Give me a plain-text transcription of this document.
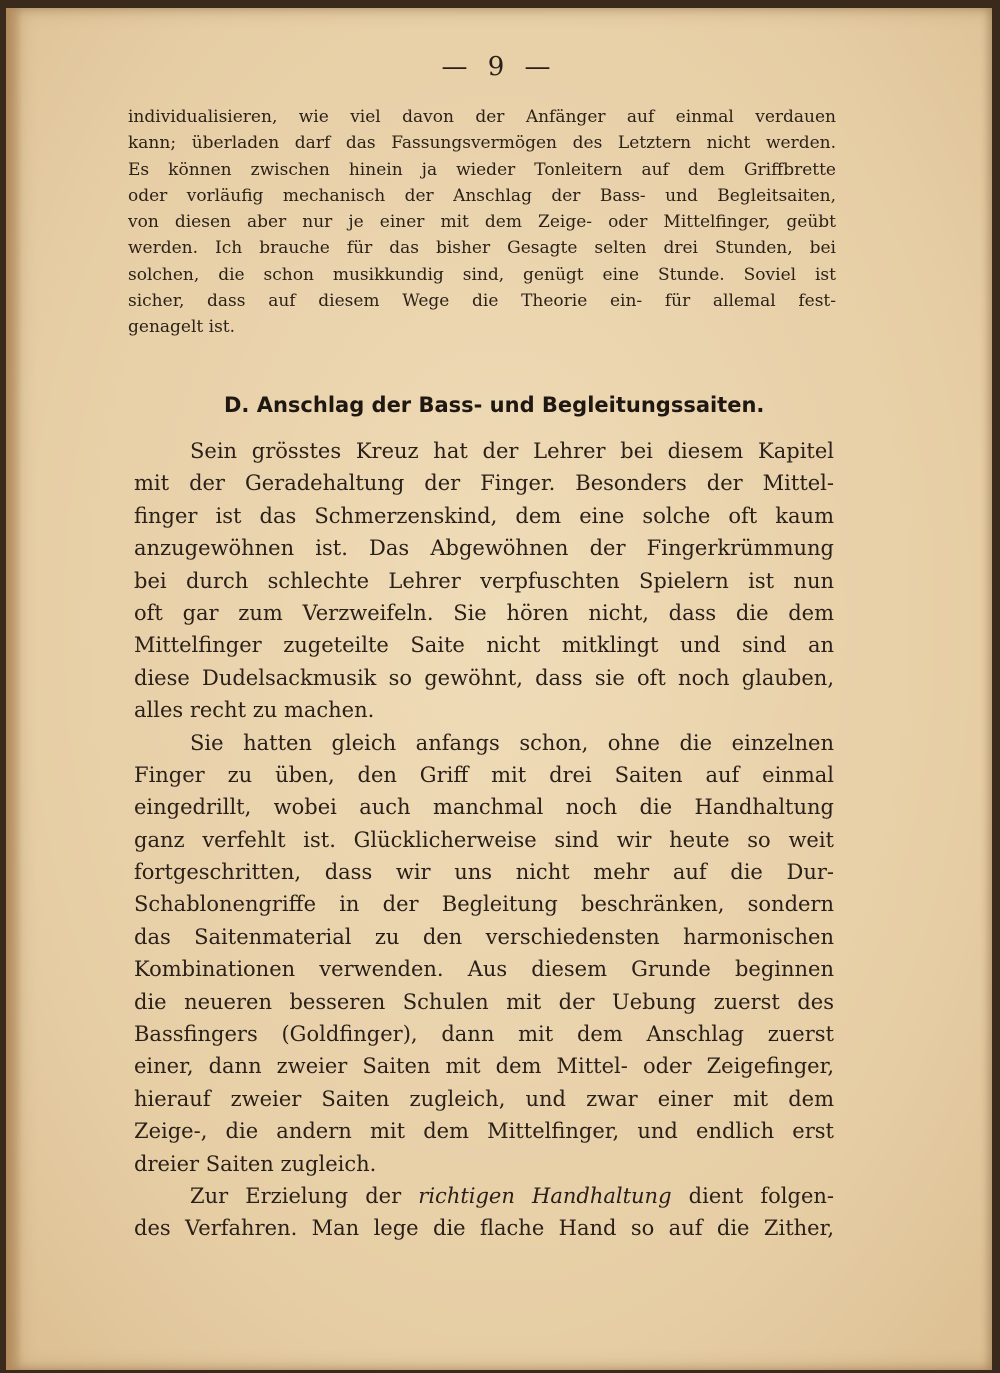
— 9 —
individualisieren, wie viel davon der Anfänger auf einmal verdauen
kann; überladen darf das Fassungsvermögen des Letztern nicht werden.
Es können zwischen hinein ja wieder Tonleitern auf dem Griffbrette
oder vorläufig mechanisch der Anschlag der Bass- und Begleitsaiten,
von diesen aber nur je einer mit dem Zeige- oder Mittelfinger, geübt
werden. Ich brauche für das bisher Gesagte selten drei Stunden, bei
solchen, die schon musikkundig sind, genügt eine Stunde. Soviel ist
sicher, dass auf diesem Wege die Theorie ein- für allemal fest-
genagelt ist.
D. Anschlag der Bass- und Begleitungssaiten.
Sein grösstes Kreuz hat der Lehrer bei diesem Kapitel
mit der Geradehaltung der Finger. Besonders der Mittel-
finger ist das Schmerzenskind, dem eine solche oft kaum
anzugewöhnen ist. Das Abgewöhnen der Fingerkrümmung
bei durch schlechte Lehrer verpfuschten Spielern ist nun
oft gar zum Verzweifeln. Sie hören nicht, dass die dem
Mittelfinger zugeteilte Saite nicht mitklingt und sind an
diese Dudelsackmusik so gewöhnt, dass sie oft noch glauben,
alles recht zu machen.
Sie hatten gleich anfangs schon, ohne die einzelnen
Finger zu üben, den Griff mit drei Saiten auf einmal
eingedrillt, wobei auch manchmal noch die Handhaltung
ganz verfehlt ist. Glücklicherweise sind wir heute so weit
fortgeschritten, dass wir uns nicht mehr auf die Dur-
Schablonengriffe in der Begleitung beschränken, sondern
das Saitenmaterial zu den verschiedensten harmonischen
Kombinationen verwenden. Aus diesem Grunde beginnen
die neueren besseren Schulen mit der Uebung zuerst des
Bassfingers (Goldfinger), dann mit dem Anschlag zuerst
einer, dann zweier Saiten mit dem Mittel- oder Zeigefinger,
hierauf zweier Saiten zugleich, und zwar einer mit dem
Zeige-, die andern mit dem Mittelfinger, und endlich erst
dreier Saiten zugleich.
Zur Erzielung der richtigen Handhaltung dient folgen-
des Verfahren. Man lege die flache Hand so auf die Zither,
